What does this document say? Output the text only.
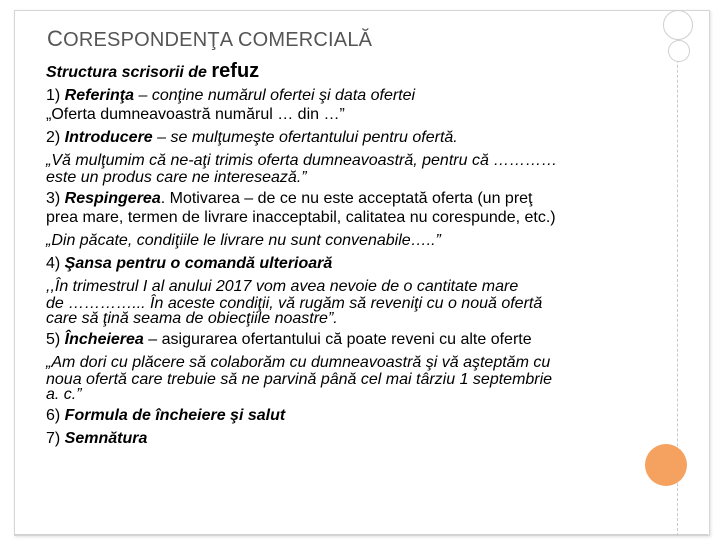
CORESPONDENŢA COMERCIALĂ
Structura scrisorii de refuz
1) Referinţa – conţine numărul ofertei şi data ofertei
„Oferta dumneavoastră numărul … din …”
2) Introducere – se mulţumeşte ofertantului pentru ofertă.
„Vă mulţumim că ne-aţi trimis oferta dumneavoastră, pentru că …………
este un produs care ne interesează.”
3) Respingerea. Motivarea – de ce nu este acceptată oferta (un preţ
prea mare, termen de livrare inacceptabil, calitatea nu corespunde, etc.)
„Din păcate, condiţiile le livrare nu sunt convenabile…..”
4) Şansa pentru o comandă ulterioară
,,În trimestrul I al anului 2017 vom avea nevoie de o cantitate mare
de …………... În aceste condiţii, vă rugăm să reveniţi cu o nouă ofertă
care să ţină seama de obiecţiile noastre”.
5) Încheierea – asigurarea ofertantului că poate reveni cu alte oferte
„Am dori cu plăcere să colaborăm cu dumneavoastră şi vă aşteptăm cu
noua ofertă care trebuie să ne parvină până cel mai târziu 1 septembrie
a. c.”
6) Formula de încheiere şi salut
7) Semnătura
